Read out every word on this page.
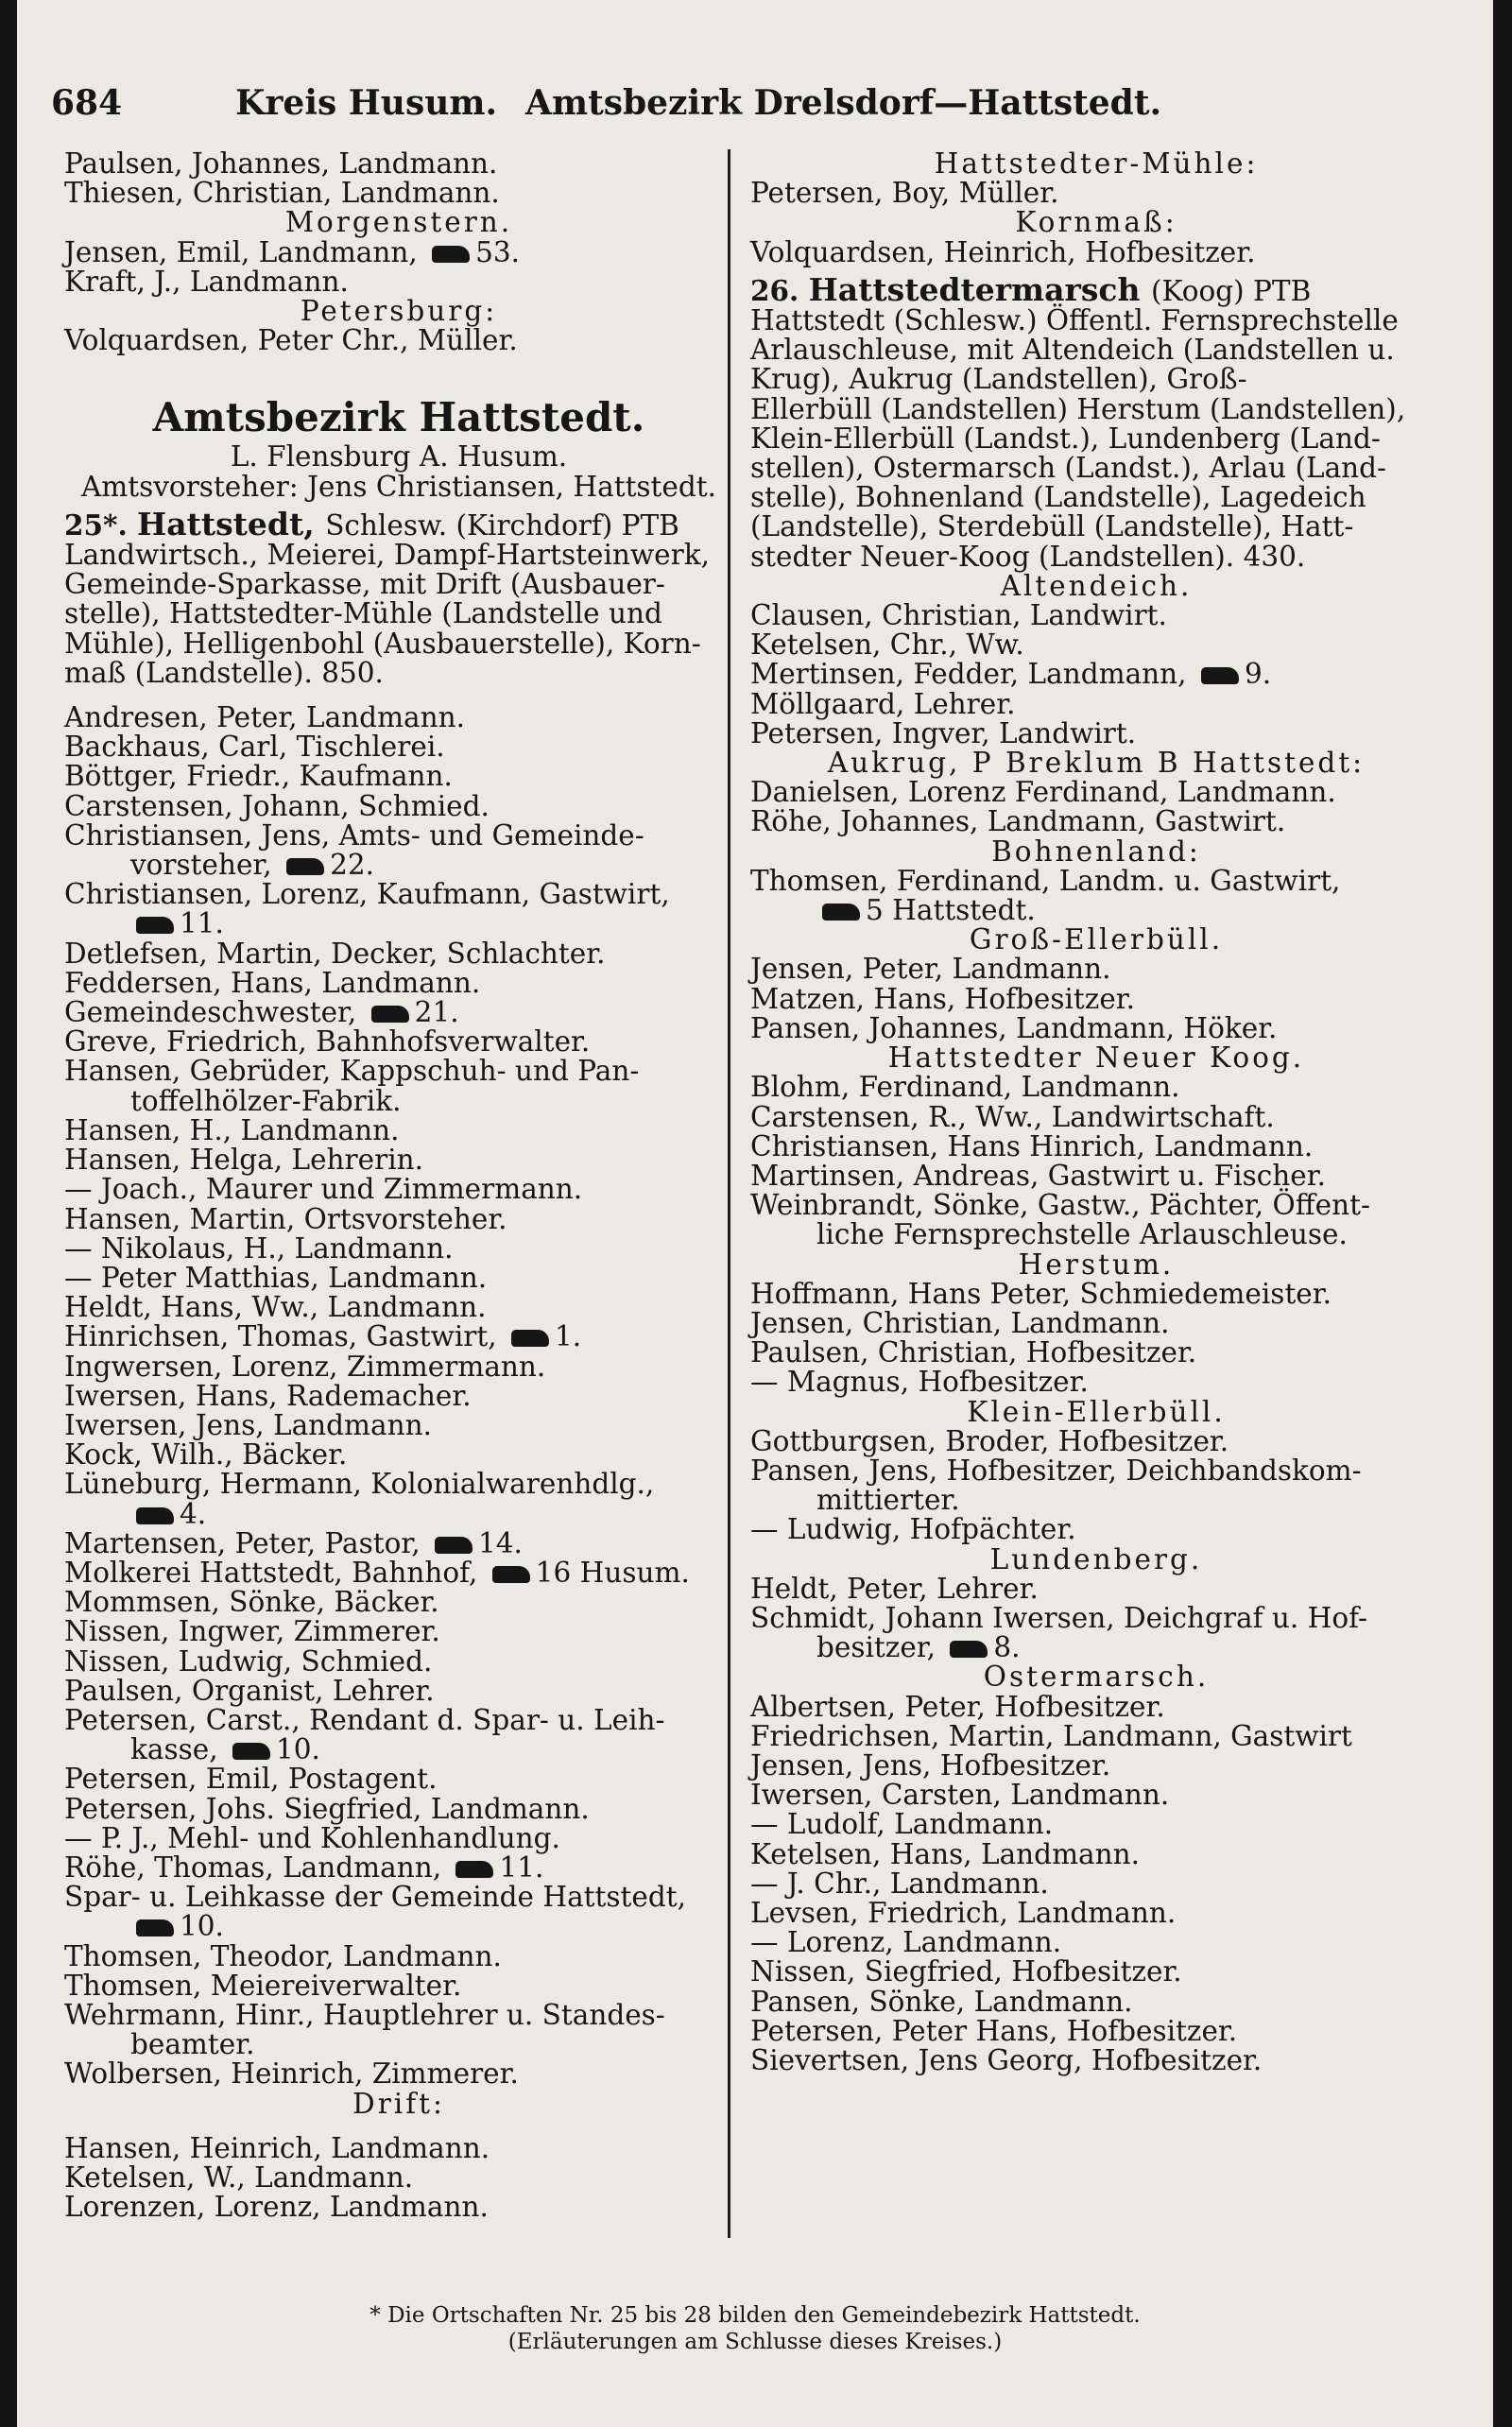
684	Kreis Husum. Amtsbezirk Drelsdorf—Hattstedt.
Paulsen, Johannes, Landmann.
Thiesen, Christian, Landmann.
Morgenstern.
Jensen, Emil, Landmann, 53.
Kraft, J., Landmann.
Petersburg:
Volquardsen, Peter Chr., Müller.
Amtsbezirk Hattstedt.
L. Flensburg A. Husum.
Amtsvorsteher: Jens Christiansen, Hattstedt.
25*. Hattstedt, Schlesw. (Kirchdorf) PTB
Landwirtsch., Meierei, Dampf-Hartsteinwerk,
Gemeinde-Sparkasse, mit Drift (Ausbauer-
stelle), Hattstedter-Mühle (Landstelle und
Mühle), Helligenbohl (Ausbauerstelle), Korn-
maß (Landstelle). 850.
Andresen, Peter, Landmann.
Backhaus, Carl, Tischlerei.
Böttger, Friedr., Kaufmann.
Carstensen, Johann, Schmied.
Christiansen, Jens, Amts- und Gemeinde-
vorsteher, 22.
Christiansen, Lorenz, Kaufmann, Gastwirt,
11.
Detlefsen, Martin, Decker, Schlachter.
Feddersen, Hans, Landmann.
Gemeindeschwester, 21.
Greve, Friedrich, Bahnhofsverwalter.
Hansen, Gebrüder, Kappschuh- und Pan-
toffelhölzer-Fabrik.
Hansen, H., Landmann.
Hansen, Helga, Lehrerin.
— Joach., Maurer und Zimmermann.
Hansen, Martin, Ortsvorsteher.
— Nikolaus, H., Landmann.
— Peter Matthias, Landmann.
Heldt, Hans, Ww., Landmann.
Hinrichsen, Thomas, Gastwirt, 1.
Ingwersen, Lorenz, Zimmermann.
Iwersen, Hans, Rademacher.
Iwersen, Jens, Landmann.
Kock, Wilh., Bäcker.
Lüneburg, Hermann, Kolonialwarenhdlg.,
4.
Martensen, Peter, Pastor, 14.
Molkerei Hattstedt, Bahnhof, 16 Husum.
Mommsen, Sönke, Bäcker.
Nissen, Ingwer, Zimmerer.
Nissen, Ludwig, Schmied.
Paulsen, Organist, Lehrer.
Petersen, Carst., Rendant d. Spar- u. Leih-
kasse, 10.
Petersen, Emil, Postagent.
Petersen, Johs. Siegfried, Landmann.
— P. J., Mehl- und Kohlenhandlung.
Röhe, Thomas, Landmann, 11.
Spar- u. Leihkasse der Gemeinde Hattstedt,
10.
Thomsen, Theodor, Landmann.
Thomsen, Meiereiverwalter.
Wehrmann, Hinr., Hauptlehrer u. Standes-
beamter.
Wolbersen, Heinrich, Zimmerer.
Drift:
Hansen, Heinrich, Landmann.
Ketelsen, W., Landmann.
Lorenzen, Lorenz, Landmann.
Hattstedter-Mühle:
Petersen, Boy, Müller.
Kornmaß:
Volquardsen, Heinrich, Hofbesitzer.
26. Hattstedtermarsch (Koog) PTB
Hattstedt (Schlesw.) Öffentl. Fernsprechstelle
Arlauschleuse, mit Altendeich (Landstellen u.
Krug), Aukrug (Landstellen), Groß-
Ellerbüll (Landstellen) Herstum (Landstellen),
Klein-Ellerbüll (Landst.), Lundenberg (Land-
stellen), Ostermarsch (Landst.), Arlau (Land-
stelle), Bohnenland (Landstelle), Lagedeich
(Landstelle), Sterdebüll (Landstelle), Hatt-
stedter Neuer-Koog (Landstellen). 430.
Altendeich.
Clausen, Christian, Landwirt.
Ketelsen, Chr., Ww.
Mertinsen, Fedder, Landmann, 9.
Möllgaard, Lehrer.
Petersen, Ingver, Landwirt.
Aukrug, P Breklum B Hattstedt:
Danielsen, Lorenz Ferdinand, Landmann.
Röhe, Johannes, Landmann, Gastwirt.
Bohnenland:
Thomsen, Ferdinand, Landm. u. Gastwirt,
5 Hattstedt.
Groß-Ellerbüll.
Jensen, Peter, Landmann.
Matzen, Hans, Hofbesitzer.
Pansen, Johannes, Landmann, Höker.
Hattstedter Neuer Koog.
Blohm, Ferdinand, Landmann.
Carstensen, R., Ww., Landwirtschaft.
Christiansen, Hans Hinrich, Landmann.
Martinsen, Andreas, Gastwirt u. Fischer.
Weinbrandt, Sönke, Gastw., Pächter, Öffent-
liche Fernsprechstelle Arlauschleuse.
Herstum.
Hoffmann, Hans Peter, Schmiedemeister.
Jensen, Christian, Landmann.
Paulsen, Christian, Hofbesitzer.
— Magnus, Hofbesitzer.
Klein-Ellerbüll.
Gottburgsen, Broder, Hofbesitzer.
Pansen, Jens, Hofbesitzer, Deichbandskom-
mittierter.
— Ludwig, Hofpächter.
Lundenberg.
Heldt, Peter, Lehrer.
Schmidt, Johann Iwersen, Deichgraf u. Hof-
besitzer, 8.
Ostermarsch.
Albertsen, Peter, Hofbesitzer.
Friedrichsen, Martin, Landmann, Gastwirt
Jensen, Jens, Hofbesitzer.
Iwersen, Carsten, Landmann.
— Ludolf, Landmann.
Ketelsen, Hans, Landmann.
— J. Chr., Landmann.
Levsen, Friedrich, Landmann.
— Lorenz, Landmann.
Nissen, Siegfried, Hofbesitzer.
Pansen, Sönke, Landmann.
Petersen, Peter Hans, Hofbesitzer.
Sievertsen, Jens Georg, Hofbesitzer.
* Die Ortschaften Nr. 25 bis 28 bilden den Gemeindebezirk Hattstedt.
(Erläuterungen am Schlusse dieses Kreises.)
